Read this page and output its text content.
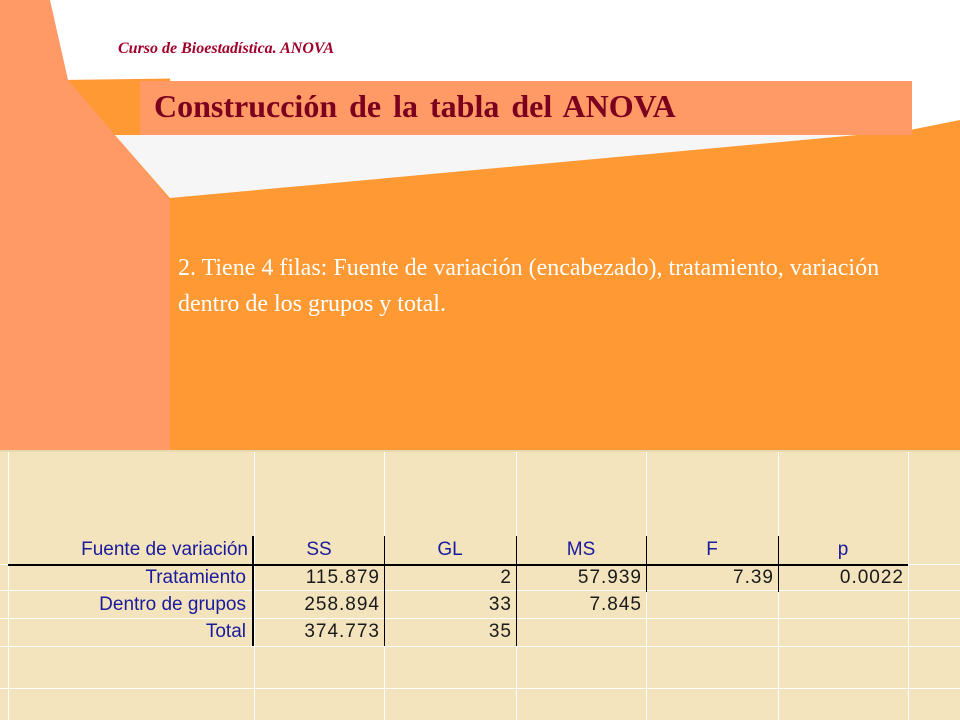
Curso de Bioestadística. ANOVA
Construcción de la tabla del ANOVA
2. Tiene 4 filas: Fuente de variación (encabezado), tratamiento, variación dentro de los grupos y total.
Fuente de variación	SS	GL	MS	F	p
Tratamiento	115.879	2	57.939	7.39	0.0022
Dentro de grupos	258.894	33	7.845
Total	374.773	35
